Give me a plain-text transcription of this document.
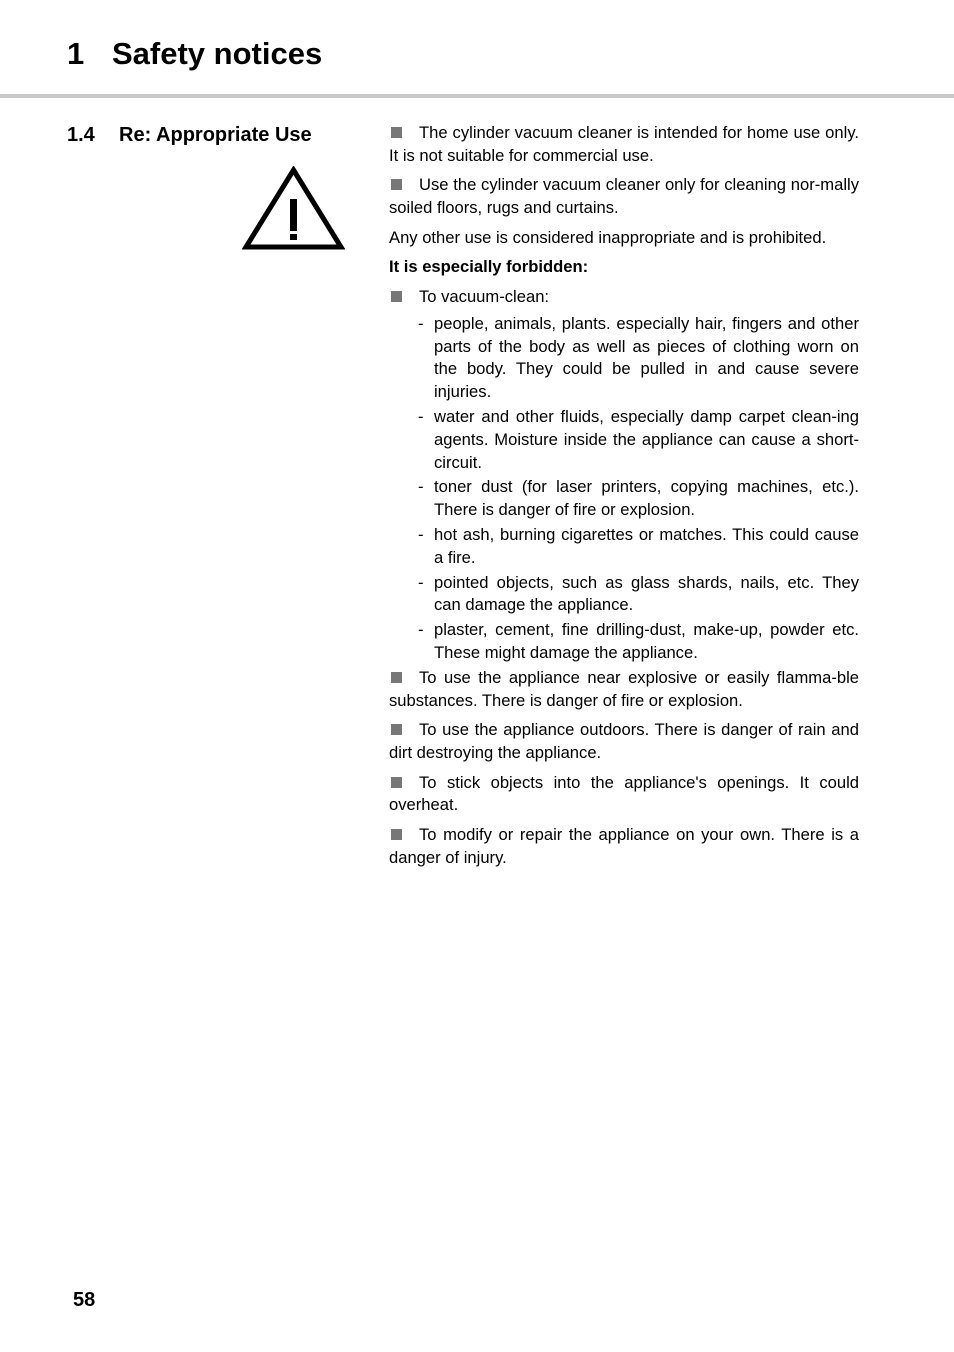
1 Safety notices
1.4 Re: Appropriate Use	The cylinder vacuum cleaner is intended for home use only. It is not suitable for commercial use.

Use the cylinder vacuum cleaner only for cleaning nor-mally soiled floors, rugs and curtains.

Any other use is considered inappropriate and is prohibited.

It is especially forbidden:

To vacuum-clean:

- people, animals, plants. especially hair, fingers and other parts of the body as well as pieces of clothing worn on the body. They could be pulled in and cause severe injuries.
- water and other fluids, especially damp carpet clean-ing agents. Moisture inside the appliance can cause a short-circuit.
- toner dust (for laser printers, copying machines, etc.). There is danger of fire or explosion.
- hot ash, burning cigarettes or matches. This could cause a fire.
- pointed objects, such as glass shards, nails, etc. They can damage the appliance.
- plaster, cement, fine drilling-dust, make-up, powder etc. These might damage the appliance.

To use the appliance near explosive or easily flamma-ble substances. There is danger of fire or explosion.

To use the appliance outdoors. There is danger of rain and dirt destroying the appliance.

To stick objects into the appliance's openings. It could overheat.

To modify or repair the appliance on your own. There is a danger of injury.

58
